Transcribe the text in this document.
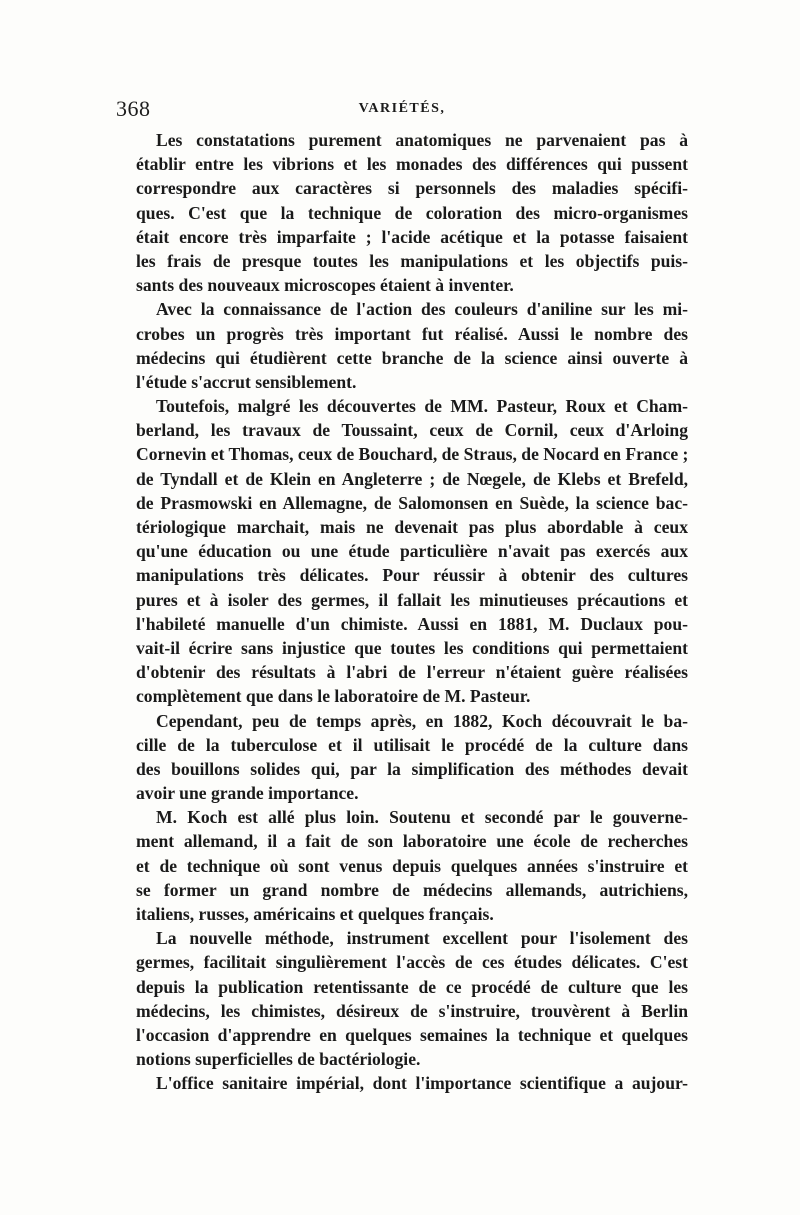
368	VARIÉTÉS,
Les constatations purement anatomiques ne parvenaient pas à
établir entre les vibrions et les monades des différences qui pussent
correspondre aux caractères si personnels des maladies spécifi-
ques. C'est que la technique de coloration des micro-organismes
était encore très imparfaite ; l'acide acétique et la potasse faisaient
les frais de presque toutes les manipulations et les objectifs puis-
sants des nouveaux microscopes étaient à inventer.
Avec la connaissance de l'action des couleurs d'aniline sur les mi-
crobes un progrès très important fut réalisé. Aussi le nombre des
médecins qui étudièrent cette branche de la science ainsi ouverte à
l'étude s'accrut sensiblement.
Toutefois, malgré les découvertes de MM. Pasteur, Roux et Cham-
berland, les travaux de Toussaint, ceux de Cornil, ceux d'Arloing
Cornevin et Thomas, ceux de Bouchard, de Straus, de Nocard en France ;
de Tyndall et de Klein en Angleterre ; de Nœgele, de Klebs et Brefeld,
de Prasmowski en Allemagne, de Salomonsen en Suède, la science bac-
tériologique marchait, mais ne devenait pas plus abordable à ceux
qu'une éducation ou une étude particulière n'avait pas exercés aux
manipulations très délicates. Pour réussir à obtenir des cultures
pures et à isoler des germes, il fallait les minutieuses précautions et
l'habileté manuelle d'un chimiste. Aussi en 1881, M. Duclaux pou-
vait-il écrire sans injustice que toutes les conditions qui permettaient
d'obtenir des résultats à l'abri de l'erreur n'étaient guère réalisées
complètement que dans le laboratoire de M. Pasteur.
Cependant, peu de temps après, en 1882, Koch découvrait le ba-
cille de la tuberculose et il utilisait le procédé de la culture dans
des bouillons solides qui, par la simplification des méthodes devait
avoir une grande importance.
M. Koch est allé plus loin. Soutenu et secondé par le gouverne-
ment allemand, il a fait de son laboratoire une école de recherches
et de technique où sont venus depuis quelques années s'instruire et
se former un grand nombre de médecins allemands, autrichiens,
italiens, russes, américains et quelques français.
La nouvelle méthode, instrument excellent pour l'isolement des
germes, facilitait singulièrement l'accès de ces études délicates. C'est
depuis la publication retentissante de ce procédé de culture que les
médecins, les chimistes, désireux de s'instruire, trouvèrent à Berlin
l'occasion d'apprendre en quelques semaines la technique et quelques
notions superficielles de bactériologie.
L'office sanitaire impérial, dont l'importance scientifique a aujour-
